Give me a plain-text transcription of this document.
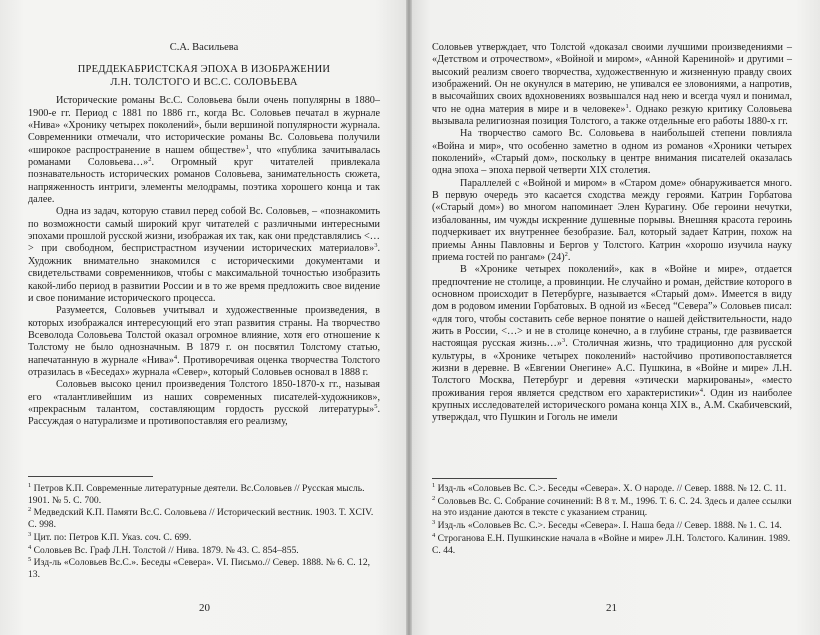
С.А. Васильева
ПРЕДДЕКАБРИСТСКАЯ ЭПОХА В ИЗОБРАЖЕНИИ
Л.Н. ТОЛСТОГО И ВС.С. СОЛОВЬЕВА

Исторические романы Вс.С. Соловьева были очень популярны в 1880– 1900-е гг. Период с 1881 по 1886 гг., когда Вс. Соловьев печатал в журнале «Нива» «Хронику четырех поколений», были вершиной популярности журнала. Современники отмечали, что исторические романы Вс. Соловьева получили «широкое распространение в нашем обществе»$^1$, что «публика зачитывалась романами Соловьева…»$^2$. Огромный круг читателей привлекала познавательность исторических романов Соловьева, занимательность сюжета, напряженность интриги, элементы мелодрамы, поэтика хорошего конца и так далее.

Одна из задач, которую ставил перед собой Вс. Соловьев, – «познакомить по возможности самый широкий круг читателей с различными интересными эпохами прошлой русской жизни, изображая их так, как они представлялись <…> при свободном, беспристрастном изучении исторических материалов»$^3$. Художник внимательно знакомился с историческими документами и свидетельствами современников, чтобы с максимальной точностью изобразить какой-либо период в развитии России и в то же время предложить свое видение и свое понимание исторического процесса.

Разумеется, Соловьев учитывал и художественные произведения, в которых изображался интересующий его этап развития страны. На творчество Всеволода Соловьева Толстой оказал огромное влияние, хотя его отношение к Толстому не было однозначным. В 1879 г. он посвятил Толстому статью, напечатанную в журнале «Нива»$^4$. Противоречивая оценка творчества Толстого отразилась в «Беседах» журнала «Север», который Соловьев основал в 1888 г.

Соловьев высоко ценил произведения Толстого 1850-1870-х гг., называя его «талантливейшим из наших современных писателей-художников», «прекрасным талантом, составляющим гордость русской литературы»$^5$. Рассуждая о натурализме и противопоставляя его реализму,

$^1$ Петров К.П. Современные литературные деятели. Вс.Соловьев // Русская мысль. 1901. № 5. С. 700.
$^2$ Медведский К.П. Памяти Вс.С. Соловьева // Исторический вестник. 1903. Т. XCIV. С. 998.
$^3$ Цит. по: Петров К.П. Указ. соч. С. 699.
$^4$ Соловьев Вс. Граф Л.Н. Толстой // Нива. 1879. № 43. С. 854–855.
$^5$ Изд-ль «Соловьев Вс.С.». Беседы «Севера». VI. Письмо.// Север. 1888. № 6. С. 12, 13.
20

Соловьев утверждает, что Толстой «доказал своими лучшими произведениями – «Детством и отрочеством», «Войной и миром», «Анной Карениной» и другими – высокий реализм своего творчества, художественную и жизненную правду своих изображений. Он не окунулся в материю, не упивался ее зловониями, а напротив, в высочайших своих вдохновениях возвышался над нею и всегда чуял и понимал, что не одна материя в мире и в человеке»$^1$. Однако резкую критику Соловьева вызывала религиозная позиция Толстого, а также отдельные его работы 1880-х гг.

На творчество самого Вс. Соловьева в наибольшей степени повлияла «Война и мир», что особенно заметно в одном из романов «Хроники четырех поколений», «Старый дом», поскольку в центре внимания писателей оказалась одна эпоха – эпоха первой четверти XIX столетия.

Параллелей с «Войной и миром» в «Старом доме» обнаруживается много. В первую очередь это касается сходства между героями. Катрин Горбатова («Старый дом») во многом напоминает Элен Курагину. Обе героини нечутки, избалованны, им чужды искренние душевные порывы. Внешняя красота героинь подчеркивает их внутреннее безобразие. Бал, который задает Катрин, похож на приемы Анны Павловны и Бергов у Толстого. Катрин «хорошо изучила науку приема гостей по рангам» $(24)^2$.

В «Хронике четырех поколений», как в «Войне и мире», отдается предпочтение не столице, а провинции. Не случайно и роман, действие которого в основном происходит в Петербурге, называется «Старый дом». Имеется в виду дом в родовом имении Горбатовых. В одной из «Бесед “Севера”» Соловьев писал: «для того, чтобы составить себе верное понятие о нашей действительности, надо жить в России, <…> и не в столице конечно, а в глубине страны, где развивается настоящая русская жизнь…»$^3$. Столичная жизнь, что традиционно для русской культуры, в «Хронике четырех поколений» настойчиво противопоставляется жизни в деревне. В «Евгении Онегине» А.С. Пушкина, в «Войне и мире» Л.Н. Толстого Москва, Петербург и деревня «этически маркированы», «место проживания героя является средством его характеристики»$^4$. Один из наиболее крупных исследователей исторического романа конца XIX в., А.М. Скабичевский, утверждал, что Пушкин и Гоголь не имели

$^1$ Изд-ль «Соловьев Вс. С.>. Беседы «Севера». Х. О народе. // Север. 1888. № 12. С. 11.
$^2$ Соловьев Вс. С. Собрание сочинений: В 8 т. М., 1996. Т. 6. С. 24. Здесь и далее ссылки на это издание даются в тексте с указанием страниц.
$^3$ Изд-ль «Соловьев Вс. С.>. Беседы «Севера». I. Наша беда // Север. 1888. № 1. С. 14.
$^4$ Строганова Е.Н. Пушкинские начала в «Войне и мире» Л.Н. Толстого. Калинин. 1989. С. 44.
21
